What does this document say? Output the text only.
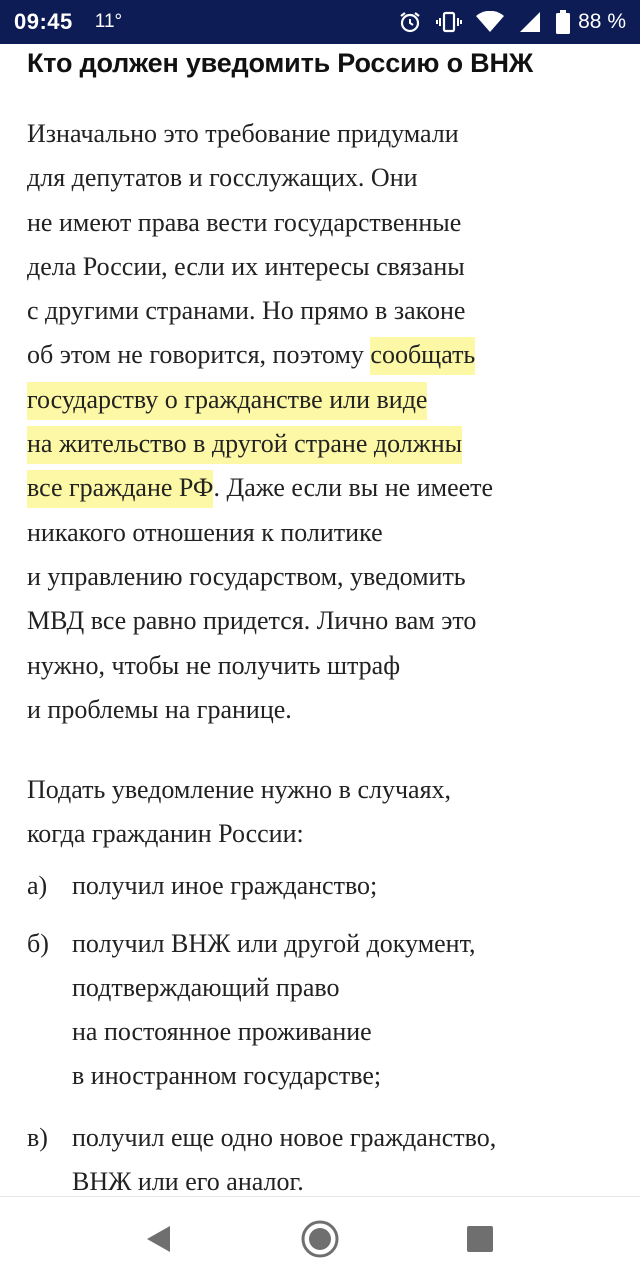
09:45 11°	88 %
Кто должен уведомить Россию о ВНЖ

Изначально это требование придумали
для депутатов и госслужащих. Они
не имеют права вести государственные
дела России, если их интересы связаны
с другими странами. Но прямо в законе
об этом не говорится, поэтому сообщать
государству о гражданстве или виде
на жительство в другой стране должны
все граждане РФ. Даже если вы не имеете
никакого отношения к политике
и управлению государством, уведомить
МВД все равно придется. Лично вам это
нужно, чтобы не получить штраф
и проблемы на границе.

Подать уведомление нужно в случаях,
когда гражданин России:

а) получил иное гражданство;
б) получил ВНЖ или другой документ,
подтверждающий право
на постоянное проживание
в иностранном государстве;
в) получил еще одно новое гражданство,
ВНЖ или его аналог.
